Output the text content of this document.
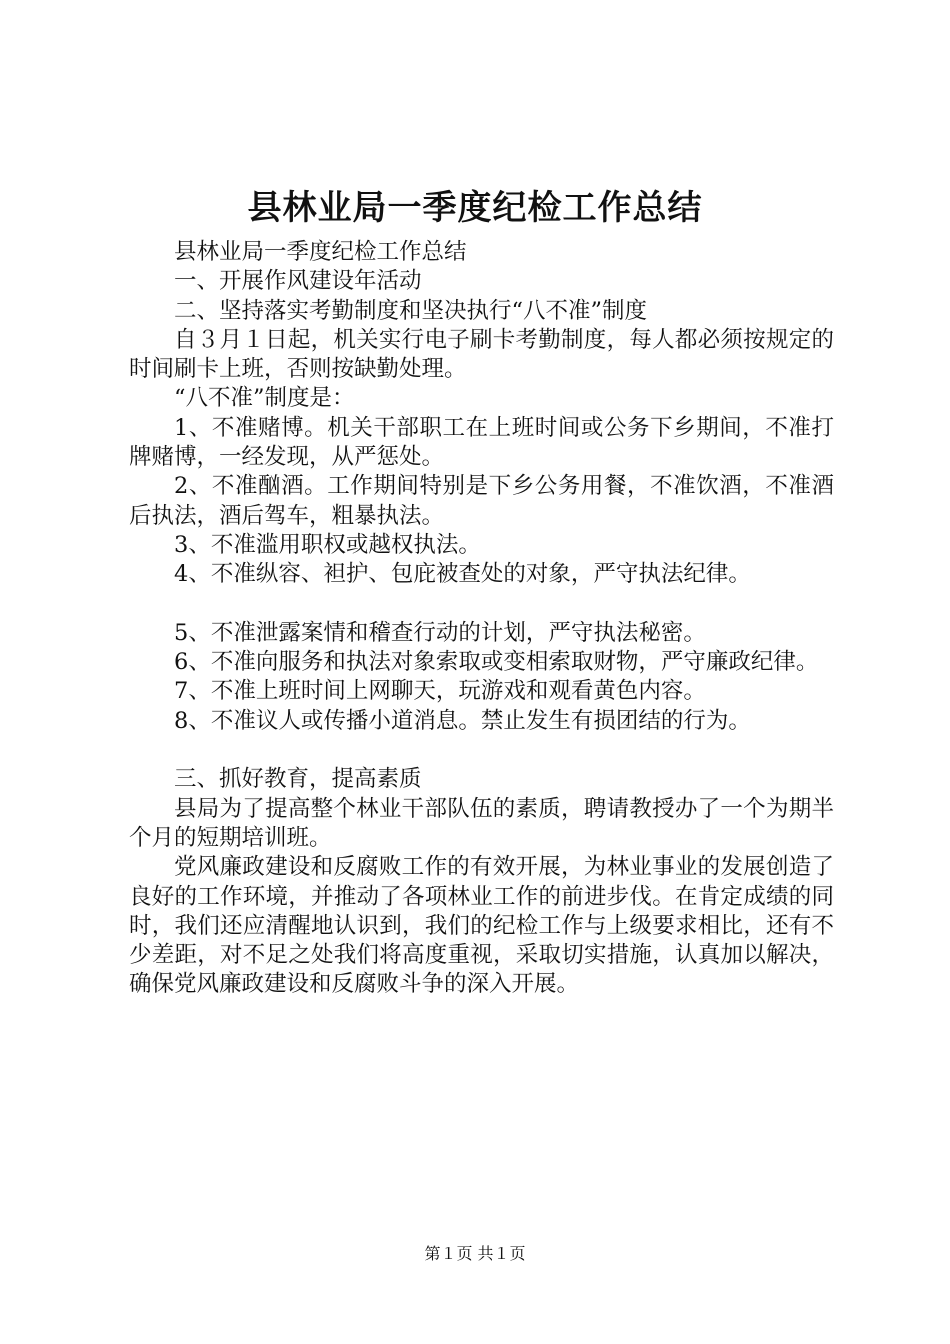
县林业局一季度纪检工作总结

县林业局一季度纪检工作总结

一、开展作风建设年活动

二、坚持落实考勤制度和坚决执行“八不准”制度

自３月１日起，机关实行电子刷卡考勤制度，每人都必须按规定的时间刷卡上班，否则按缺勤处理。

“八不准”制度是：

1、不准赌博。机关干部职工在上班时间或公务下乡期间，不准打牌赌博，一经发现，从严惩处。

2、不准酗酒。工作期间特别是下乡公务用餐，不准饮酒，不准酒后执法，酒后驾车，粗暴执法。

3、不准滥用职权或越权执法。

4、不准纵容、袒护、包庇被查处的对象，严守执法纪律。

5、不准泄露案情和稽查行动的计划，严守执法秘密。

6、不准向服务和执法对象索取或变相索取财物，严守廉政纪律。

7、不准上班时间上网聊天，玩游戏和观看黄色内容。

8、不准议人或传播小道消息。禁止发生有损团结的行为。

三、抓好教育，提高素质

县局为了提高整个林业干部队伍的素质，聘请教授办了一个为期半个月的短期培训班。

党风廉政建设和反腐败工作的有效开展，为林业事业的发展创造了良好的工作环境，并推动了各项林业工作的前进步伐。在肯定成绩的同时，我们还应清醒地认识到，我们的纪检工作与上级要求相比，还有不少差距，对不足之处我们将高度重视，采取切实措施，认真加以解决，确保党风廉政建设和反腐败斗争的深入开展。

第１页 共１页
